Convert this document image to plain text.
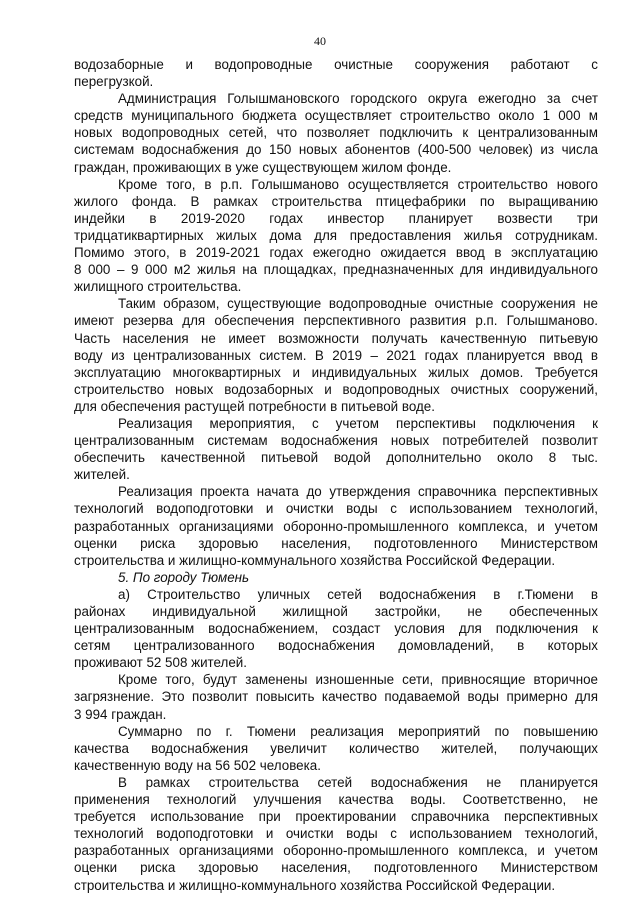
40
водозаборные и водопроводные очистные сооружения работают с
перегрузкой.
Администрация Голышмановского городского округа ежегодно за счет
средств муниципального бюджета осуществляет строительство около 1 000 м
новых водопроводных сетей, что позволяет подключить к централизованным
системам водоснабжения до 150 новых абонентов (400-500 человек) из числа
граждан, проживающих в уже существующем жилом фонде.
Кроме того, в р.п. Голышманово осуществляется строительство нового
жилого фонда. В рамках строительства птицефабрики по выращиванию
индейки в 2019-2020 годах инвестор планирует возвести три
тридцатиквартирных жилых дома для предоставления жилья сотрудникам.
Помимо этого, в 2019-2021 годах ежегодно ожидается ввод в эксплуатацию
8 000 – 9 000 м2 жилья на площадках, предназначенных для индивидуального
жилищного строительства.
Таким образом, существующие водопроводные очистные сооружения не
имеют резерва для обеспечения перспективного развития р.п. Голышманово.
Часть населения не имеет возможности получать качественную питьевую
воду из централизованных систем. В 2019 – 2021 годах планируется ввод в
эксплуатацию многоквартирных и индивидуальных жилых домов. Требуется
строительство новых водозаборных и водопроводных очистных сооружений,
для обеспечения растущей потребности в питьевой воде.
Реализация мероприятия, с учетом перспективы подключения к
централизованным системам водоснабжения новых потребителей позволит
обеспечить качественной питьевой водой дополнительно около 8 тыс.
жителей.
Реализация проекта начата до утверждения справочника перспективных
технологий водоподготовки и очистки воды с использованием технологий,
разработанных организациями оборонно-промышленного комплекса, и учетом
оценки риска здоровью населения, подготовленного Министерством
строительства и жилищно-коммунального хозяйства Российской Федерации.
5. По городу Тюмень
а) Строительство уличных сетей водоснабжения в г.Тюмени в
районах индивидуальной жилищной застройки, не обеспеченных
централизованным водоснабжением, создаст условия для подключения к
сетям централизованного водоснабжения домовладений, в которых
проживают 52 508 жителей.
Кроме того, будут заменены изношенные сети, привносящие вторичное
загрязнение. Это позволит повысить качество подаваемой воды примерно для
3 994 граждан.
Суммарно по г. Тюмени реализация мероприятий по повышению
качества водоснабжения увеличит количество жителей, получающих
качественную воду на 56 502 человека.
В рамках строительства сетей водоснабжения не планируется
применения технологий улучшения качества воды. Соответственно, не
требуется использование при проектировании справочника перспективных
технологий водоподготовки и очистки воды с использованием технологий,
разработанных организациями оборонно-промышленного комплекса, и учетом
оценки риска здоровью населения, подготовленного Министерством
строительства и жилищно-коммунального хозяйства Российской Федерации.
